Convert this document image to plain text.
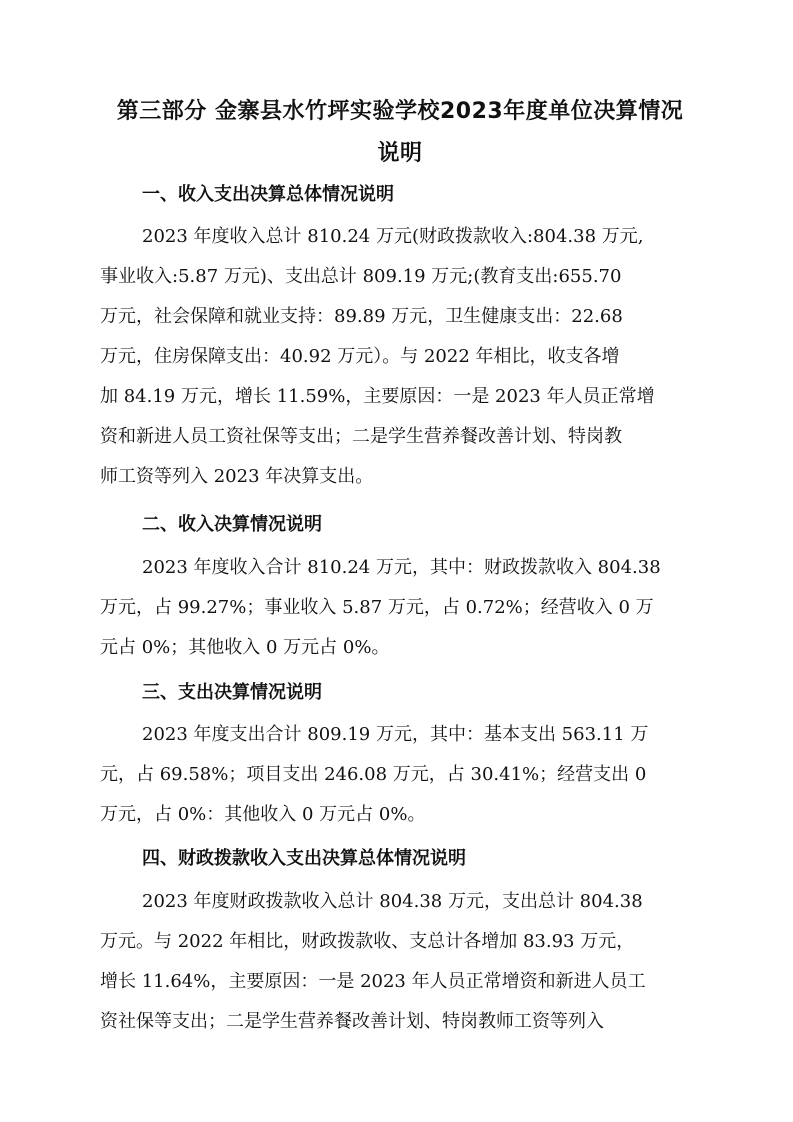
第三部分 金寨县水竹坪实验学校2023年度单位决算情况
说明
一、收入支出决算总体情况说明
2023 年度收入总计 810.24 万元(财政拨款收入:804.38 万元,
事业收入:5.87 万元)、支出总计 809.19 万元;(教育支出:655.70
万元，社会保障和就业支持：89.89 万元，卫生健康支出：22.68
万元，住房保障支出：40.92 万元）。与 2022 年相比，收支各增
加 84.19 万元，增长 11.59%，主要原因：一是 2023 年人员正常增
资和新进人员工资社保等支出；二是学生营养餐改善计划、特岗教
师工资等列入 2023 年决算支出。
二、收入决算情况说明
2023 年度收入合计 810.24 万元，其中：财政拨款收入 804.38
万元，占 99.27%；事业收入 5.87 万元，占 0.72%；经营收入 0 万
元占 0%；其他收入 0 万元占 0%。
三、支出决算情况说明
2023 年度支出合计 809.19 万元，其中：基本支出 563.11 万
元，占 69.58%；项目支出 246.08 万元，占 30.41%；经营支出 0
万元，占 0%：其他收入 0 万元占 0%。
四、财政拨款收入支出决算总体情况说明
2023 年度财政拨款收入总计 804.38 万元，支出总计 804.38
万元。与 2022 年相比，财政拨款收、支总计各增加 83.93 万元，
增长 11.64%，主要原因：一是 2023 年人员正常增资和新进人员工
资社保等支出；二是学生营养餐改善计划、特岗教师工资等列入
